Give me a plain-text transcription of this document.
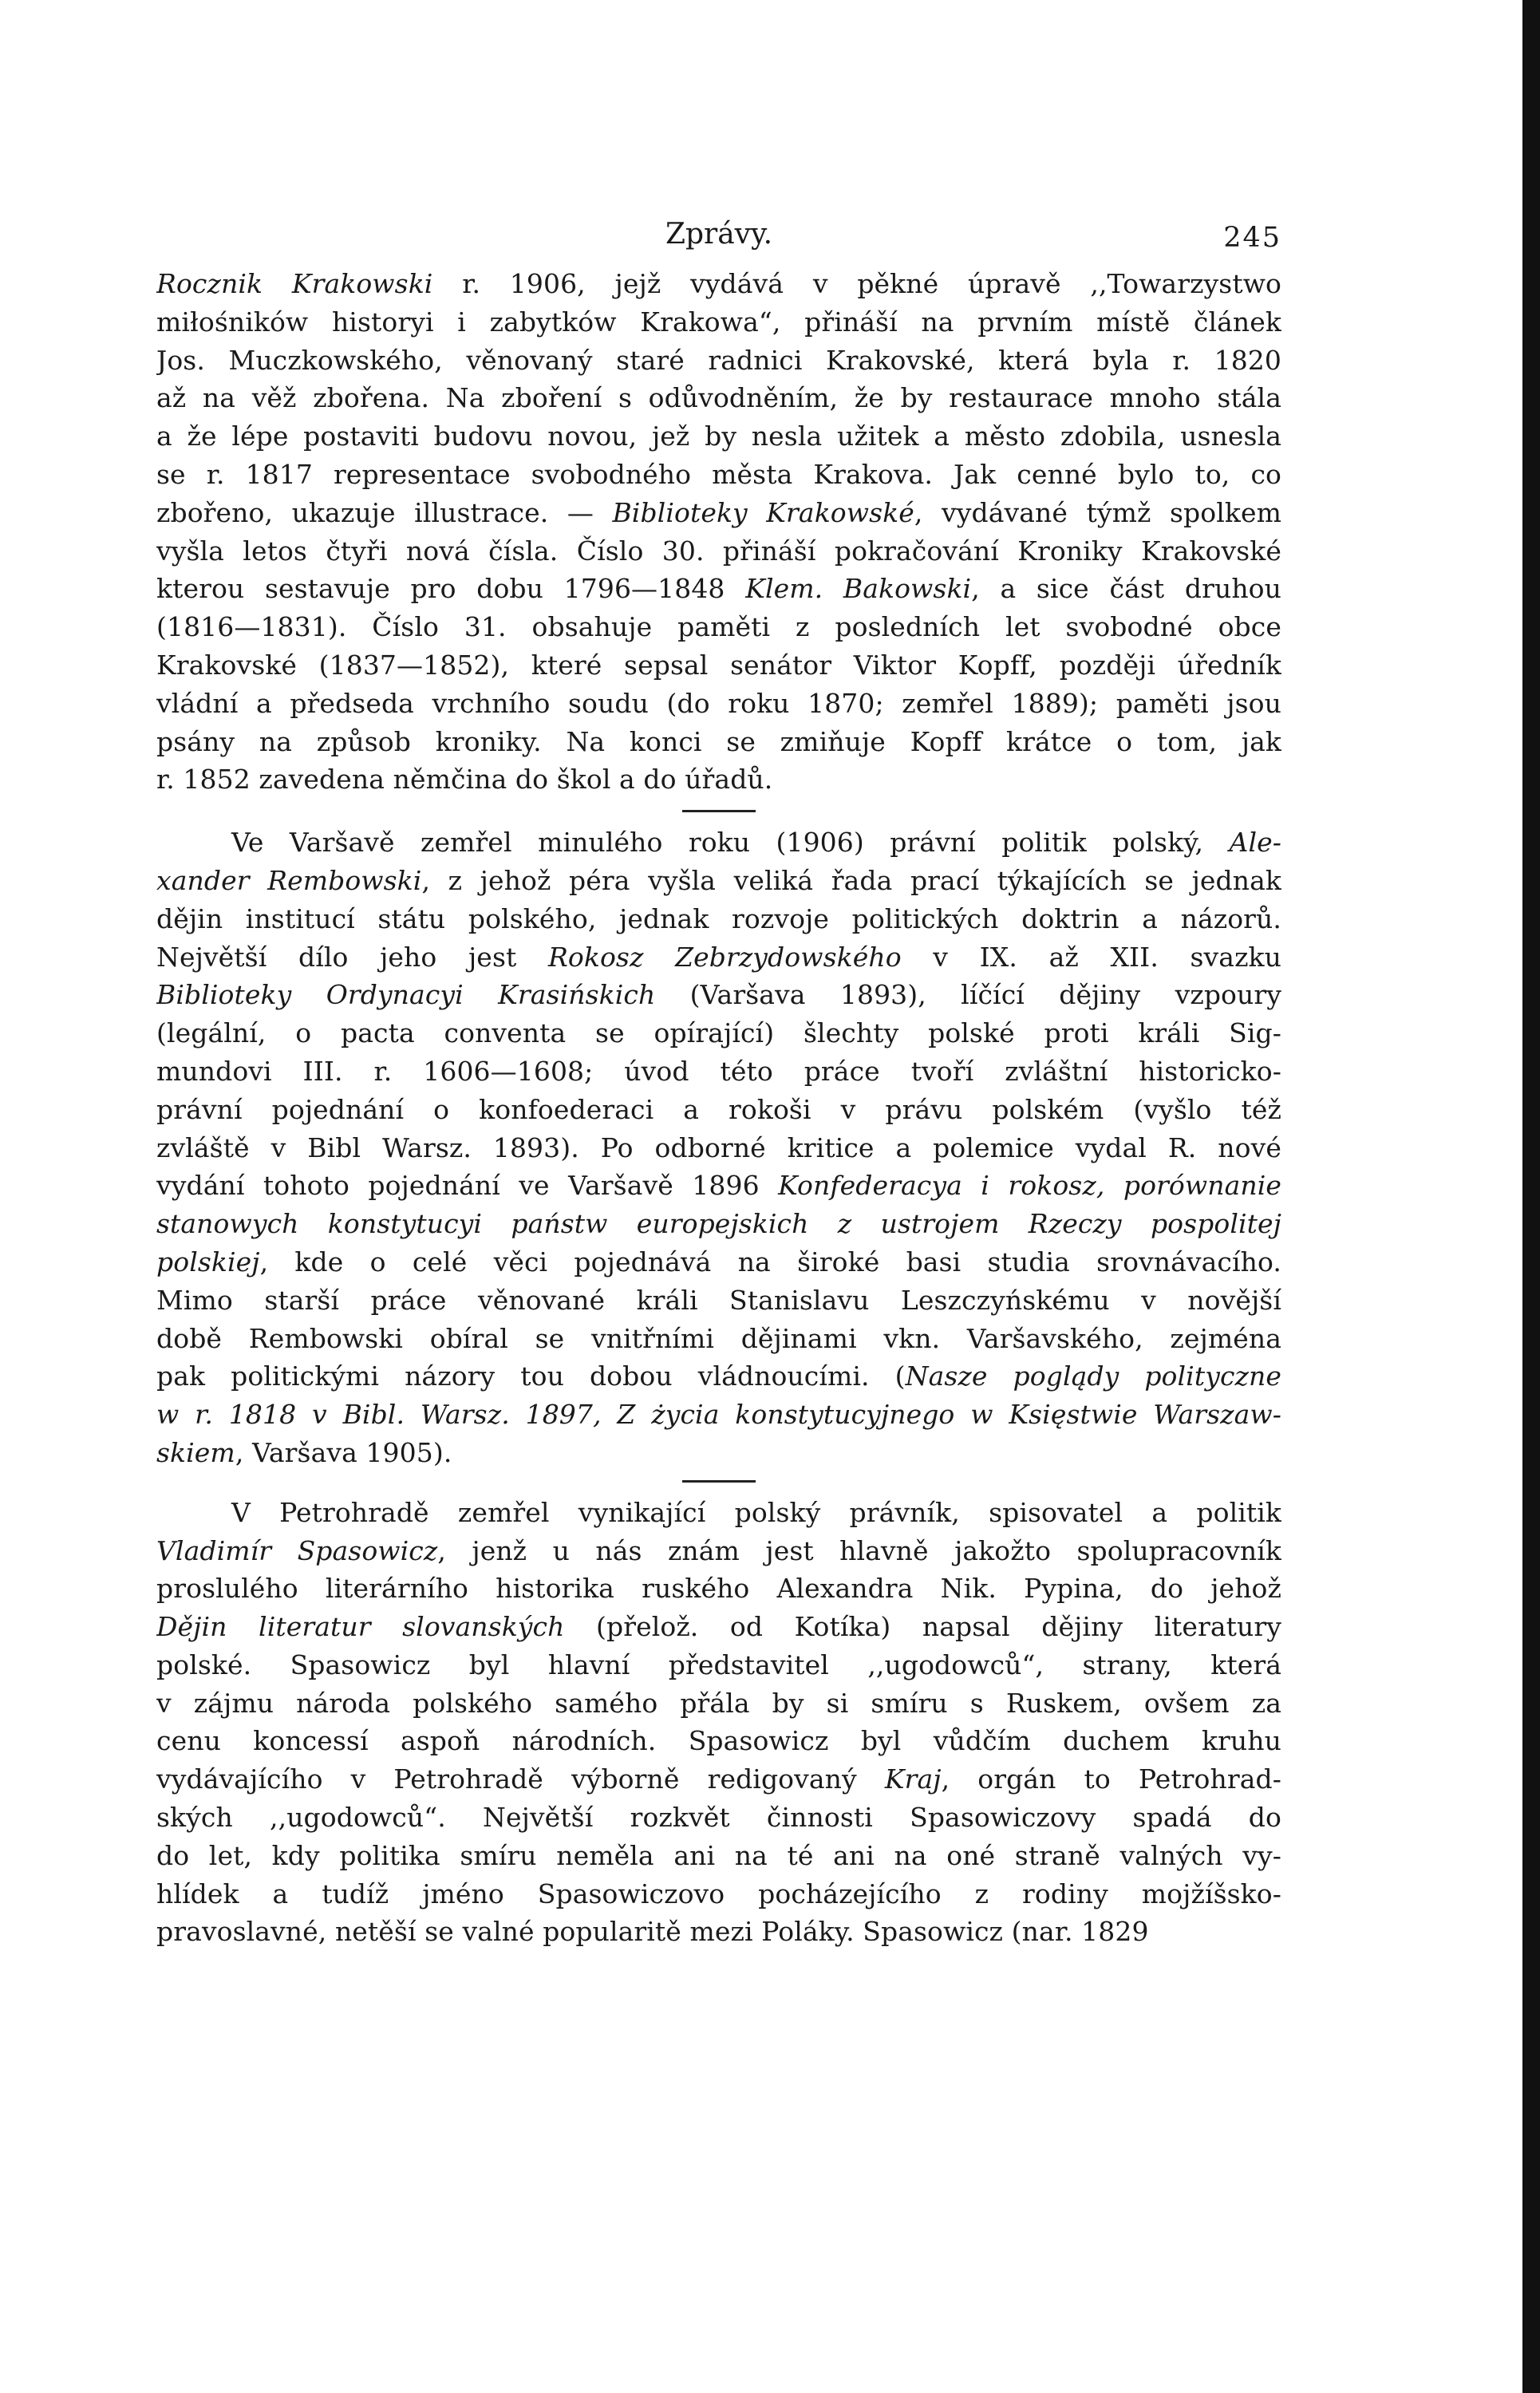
Zprávy.	245
Rocznik Krakowski r. 1906, jejž vydává v pěkné úpravě ,,Towarzystwo
miłośników historyi i zabytków Krakowa“, přináší na prvním místě článek
Jos. Muczkowského, věnovaný staré radnici Krakovské, která byla r. 1820
až na věž zbořena. Na zboření s odůvodněním, že by restaurace mnoho stála
a že lépe postaviti budovu novou, jež by nesla užitek a město zdobila, usnesla
se r. 1817 representace svobodného města Krakova. Jak cenné bylo to, co
zbořeno, ukazuje illustrace. — Biblioteky Krakowské, vydávané týmž spolkem
vyšla letos čtyři nová čísla. Číslo 30. přináší pokračování Kroniky Krakovské
kterou sestavuje pro dobu 1796—1848 Klem. Bakowski, a sice část druhou
(1816—1831). Číslo 31. obsahuje paměti z posledních let svobodné obce
Krakovské (1837—1852), které sepsal senátor Viktor Kopff, později úředník
vládní a předseda vrchního soudu (do roku 1870; zemřel 1889); paměti jsou
psány na způsob kroniky. Na konci se zmiňuje Kopff krátce o tom, jak
r. 1852 zavedena němčina do škol a do úřadů.
Ve Varšavě zemřel minulého roku (1906) právní politik polský, Ale-
xander Rembowski, z jehož péra vyšla veliká řada prací týkajících se jednak
dějin institucí státu polského, jednak rozvoje politických doktrin a názorů.
Největší dílo jeho jest Rokosz Zebrzydowského v IX. až XII. svazku
Biblioteky Ordynacyi Krasińskich (Varšava 1893), líčící dějiny vzpoury
(legální, o pacta conventa se opírající) šlechty polské proti králi Sig-
mundovi III. r. 1606—1608; úvod této práce tvoří zvláštní historicko-
právní pojednání o konfoederaci a rokoši v právu polském (vyšlo též
zvláště v Bibl Warsz. 1893). Po odborné kritice a polemice vydal R. nové
vydání tohoto pojednání ve Varšavě 1896 Konfederacya i rokosz, porównanie
stanowych konstytucyi państw europejskich z ustrojem Rzeczy pospolitej
polskiej, kde o celé věci pojednává na široké basi studia srovnávacího.
Mimo starší práce věnované králi Stanislavu Leszczyńskému v novější
době Rembowski obíral se vnitřními dějinami vkn. Varšavského, zejména
pak politickými názory tou dobou vládnoucími. (Nasze poglądy polityczne
w r. 1818 v Bibl. Warsz. 1897, Z życia konstytucyjnego w Księstwie Warszaw-
skiem, Varšava 1905).
V Petrohradě zemřel vynikající polský právník, spisovatel a politik
Vladimír Spasowicz, jenž u nás znám jest hlavně jakožto spolupracovník
proslulého literárního historika ruského Alexandra Nik. Pypina, do jehož
Dějin literatur slovanských (přelož. od Kotíka) napsal dějiny literatury
polské. Spasowicz byl hlavní představitel ,,ugodowců“, strany, která
v zájmu národa polského samého přála by si smíru s Ruskem, ovšem za
cenu koncessí aspoň národních. Spasowicz byl vůdčím duchem kruhu
vydávajícího v Petrohradě výborně redigovaný Kraj, orgán to Petrohrad-
ských ,,ugodowců“. Největší rozkvět činnosti Spasowiczovy spadá do
do let, kdy politika smíru neměla ani na té ani na oné straně valných vy-
hlídek a tudíž jméno Spasowiczovo pocházejícího z rodiny mojžíšsko-
pravoslavné, netěší se valné popularitě mezi Poláky. Spasowicz (nar. 1829
